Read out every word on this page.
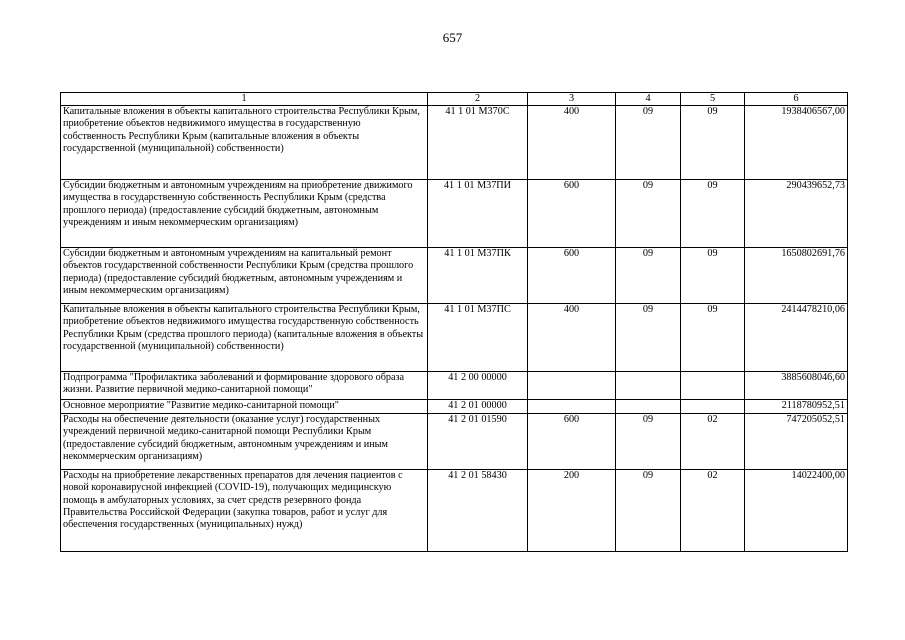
657
1	2	3	4	5	6
Капитальные вложения в объекты капитального строительства Республики Крым, приобретение объектов недвижимого имущества в государственную собственность Республики Крым (капитальные вложения в объекты государственной (муниципальной) собственности)	41 1 01 М370С	400	09	09	1938406567,00
Субсидии бюджетным и автономным учреждениям на приобретение движимого имущества в государственную собственность Республики Крым (средства прошлого периода) (предоставление субсидий бюджетным, автономным учреждениям и иным некоммерческим организациям)	41 1 01 М37ПИ	600	09	09	290439652,73
Субсидии бюджетным и автономным учреждениям на капитальный ремонт объектов государственной собственности Республики Крым (средства прошлого периода) (предоставление субсидий бюджетным, автономным учреждениям и иным некоммерческим организациям)	41 1 01 М37ПК	600	09	09	1650802691,76
Капитальные вложения в объекты капитального строительства Республики Крым, приобретение объектов недвижимого имущества государственную собственность Республики Крым (средства прошлого периода) (капитальные вложения в объекты государственной (муниципальной) собственности)	41 1 01 М37ПС	400	09	09	2414478210,06
Подпрограмма "Профилактика заболеваний и формирование здорового образа жизни. Развитие первичной медико-санитарной помощи"	41 2 00 00000				3885608046,60
Основное мероприятие "Развитие медико-санитарной помощи"	41 2 01 00000				2118780952,51
Расходы на обеспечение деятельности (оказание услуг) государственных учреждений первичной медико-санитарной помощи Республики Крым (предоставление субсидий бюджетным, автономным учреждениям и иным некоммерческим организациям)	41 2 01 01590	600	09	02	747205052,51
Расходы на приобретение лекарственных препаратов для лечения пациентов с новой коронавирусной инфекцией (COVID-19), получающих медицинскую помощь в амбулаторных условиях, за счет средств резервного фонда Правительства Российской Федерации (закупка товаров, работ и услуг для обеспечения государственных (муниципальных) нужд)	41 2 01 58430	200	09	02	14022400,00
